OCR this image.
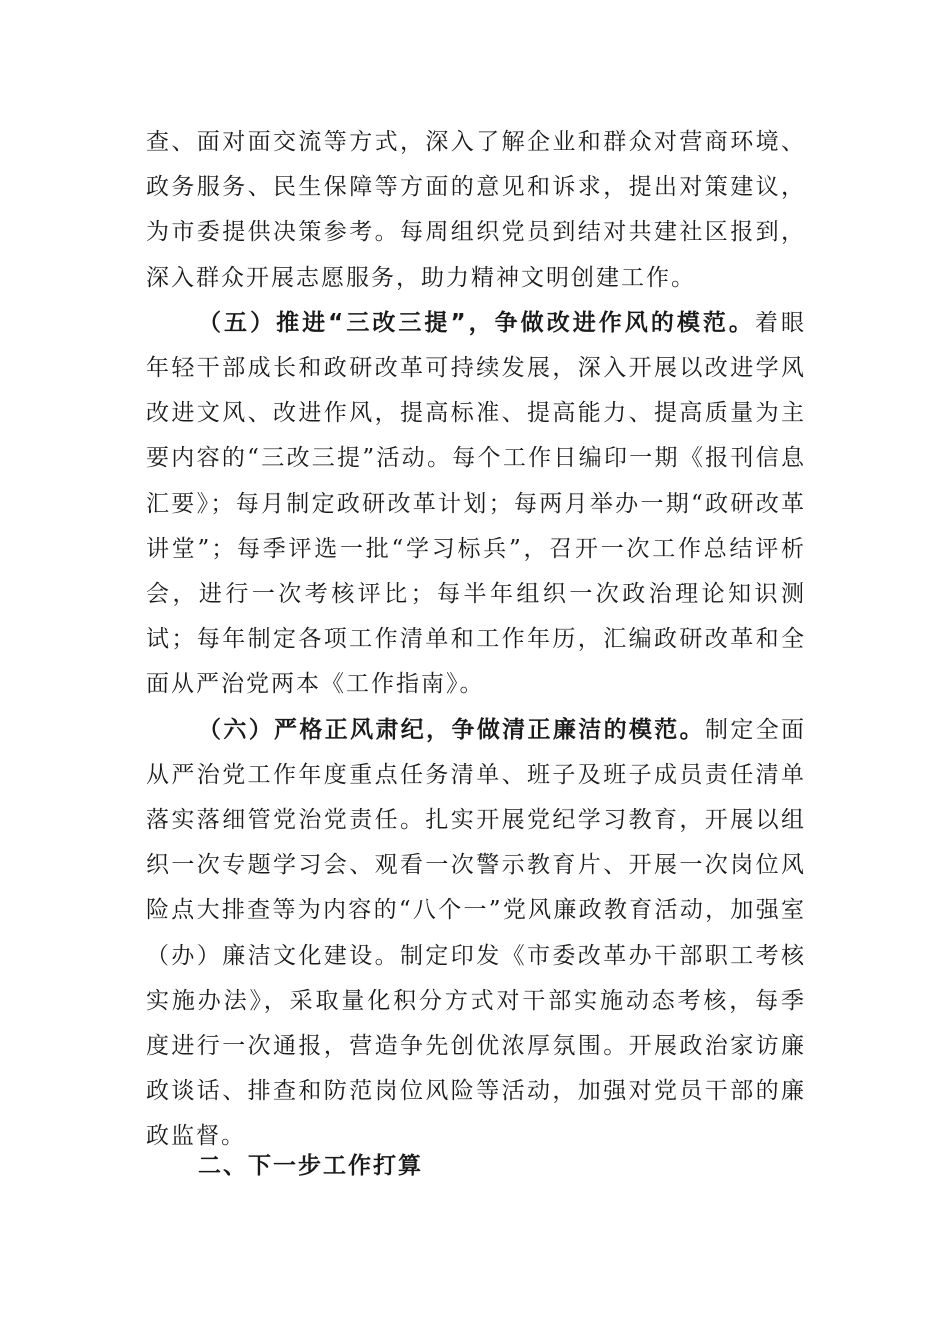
查、面对面交流等方式，深入了解企业和群众对营商环境、政务服务、民生保障等方面的意见和诉求，提出对策建议，为市委提供决策参考。每周组织党员到结对共建社区报到，深入群众开展志愿服务，助力精神文明创建工作。

（五）推进“三改三提”，争做改进作风的模范。着眼年轻干部成长和政研改革可持续发展，深入开展以改进学风改进文风、改进作风，提高标准、提高能力、提高质量为主要内容的“三改三提”活动。每个工作日编印一期《报刊信息汇要》；每月制定政研改革计划；每两月举办一期“政研改革讲堂”；每季评选一批“学习标兵”，召开一次工作总结评析会，进行一次考核评比；每半年组织一次政治理论知识测试；每年制定各项工作清单和工作年历，汇编政研改革和全面从严治党两本《工作指南》。

（六）严格正风肃纪，争做清正廉洁的模范。制定全面从严治党工作年度重点任务清单、班子及班子成员责任清单落实落细管党治党责任。扎实开展党纪学习教育，开展以组织一次专题学习会、观看一次警示教育片、开展一次岗位风险点大排查等为内容的“八个一”党风廉政教育活动，加强室（办）廉洁文化建设。制定印发《市委改革办干部职工考核实施办法》，采取量化积分方式对干部实施动态考核，每季度进行一次通报，营造争先创优浓厚氛围。开展政治家访廉政谈话、排查和防范岗位风险等活动，加强对党员干部的廉政监督。

二、下一步工作打算
